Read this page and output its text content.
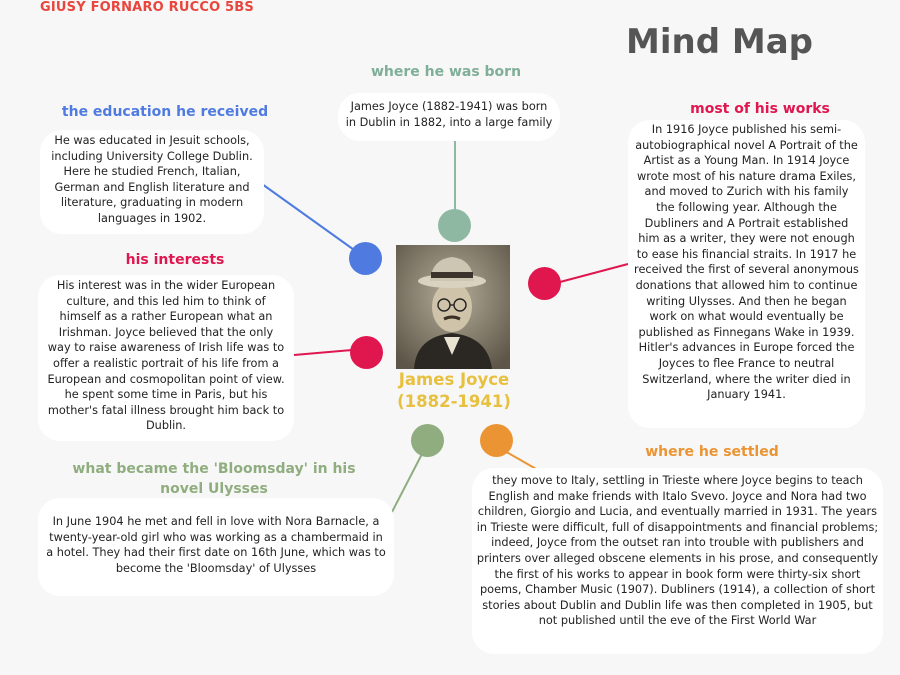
GIUSY FORNARO RUCCO 5BS
Mind Map
James Joyce
(1882-1941)
where he was born
James Joyce (1882-1941) was born in Dublin in 1882, into a large family
the education he received
He was educated in Jesuit schools, including University College Dublin. Here he studied French, Italian, German and English literature and literature, graduating in modern languages in 1902.
his interests
His interest was in the wider European culture, and this led him to think of himself as a rather European what an Irishman. Joyce believed that the only way to raise awareness of Irish life was to offer a realistic portrait of his life from a European and cosmopolitan point of view. he spent some time in Paris, but his mother's fatal illness brought him back to Dublin.
most of his works
In 1916 Joyce published his semi-autobiographical novel A Portrait of the Artist as a Young Man. In 1914 Joyce wrote most of his nature drama Exiles, and moved to Zurich with his family the following year. Although the Dubliners and A Portrait established him as a writer, they were not enough to ease his financial straits. In 1917 he received the first of several anonymous donations that allowed him to continue writing Ulysses. And then he began work on what would eventually be published as Finnegans Wake in 1939. Hitler's advances in Europe forced the Joyces to flee France to neutral Switzerland, where the writer died in January 1941.
what became the 'Bloomsday' in his novel Ulysses
In June 1904 he met and fell in love with Nora Barnacle, a twenty-year-old girl who was working as a chambermaid in a hotel. They had their first date on 16th June, which was to become the 'Bloomsday' of Ulysses
where he settled
they move to Italy, settling in Trieste where Joyce begins to teach English and make friends with Italo Svevo. Joyce and Nora had two children, Giorgio and Lucia, and eventually married in 1931. The years in Trieste were difficult, full of disappointments and financial problems; indeed, Joyce from the outset ran into trouble with publishers and printers over alleged obscene elements in his prose, and consequently the first of his works to appear in book form were thirty-six short poems, Chamber Music (1907). Dubliners (1914), a collection of short stories about Dublin and Dublin life was then completed in 1905, but not published until the eve of the First World War
